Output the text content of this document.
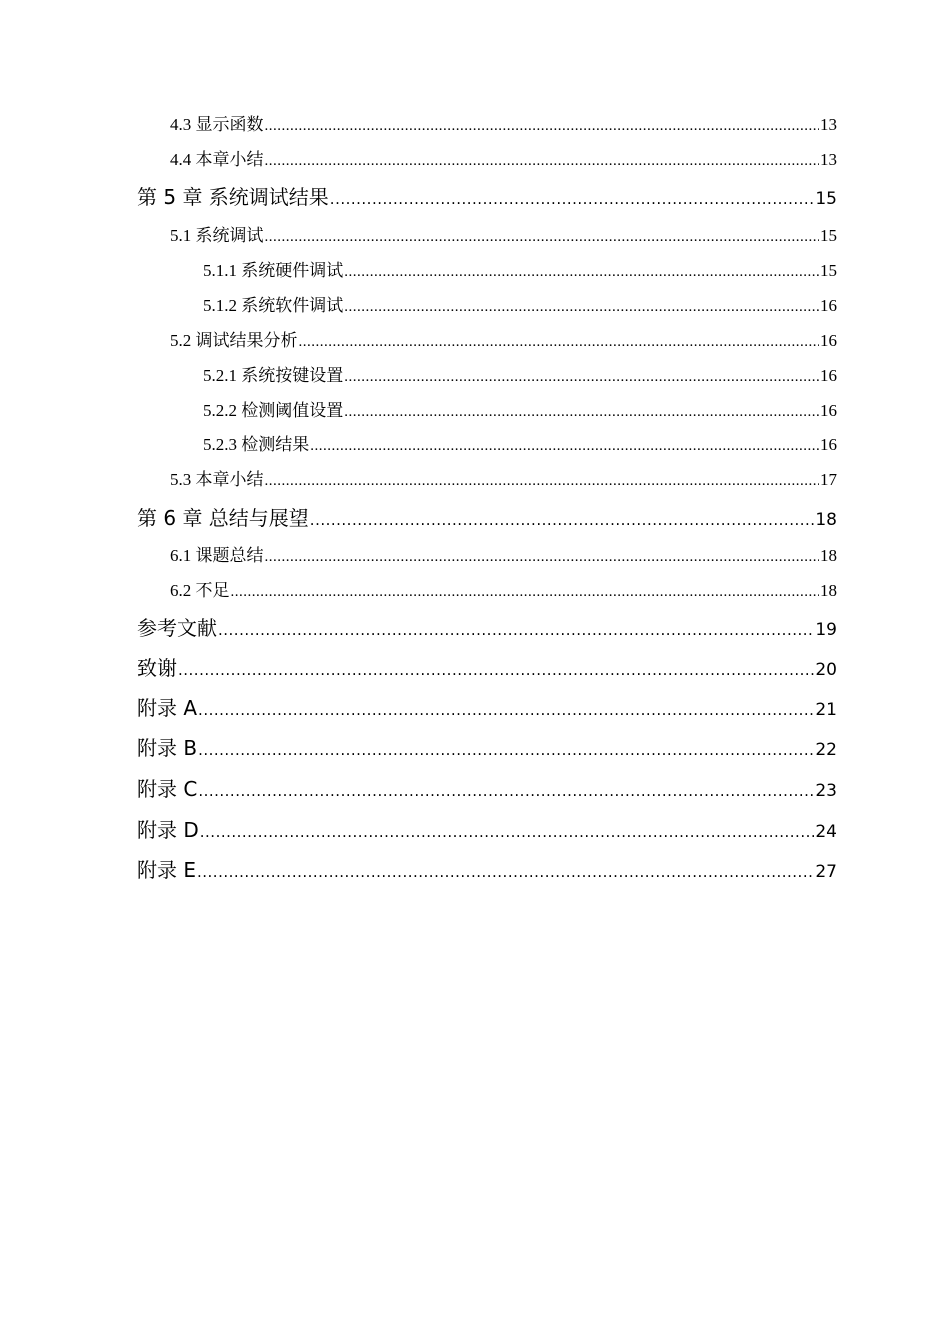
4.3 显示函数 .....	13
4.4 本章小结 .....	13
第 5 章 系统调试结果 .....	15
5.1 系统调试 .....	15
5.1.1 系统硬件调试 .....	15
5.1.2 系统软件调试 .....	16
5.2 调试结果分析 .....	16
5.2.1 系统按键设置 .....	16
5.2.2 检测阈值设置 .....	16
5.2.3 检测结果 .....	16
5.3 本章小结 .....	17
第 6 章 总结与展望 .....	18
6.1 课题总结 .....	18
6.2 不足 .....	18
参考文献 .....	19
致谢 .....	20
附录 A .....	21
附录 B .....	22
附录 C .....	23
附录 D .....	24
附录 E .....	27
